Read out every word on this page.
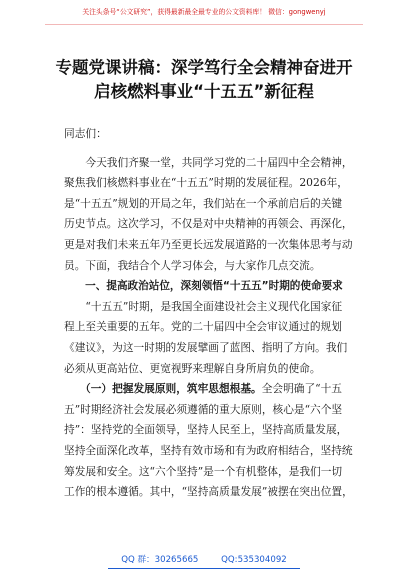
关注头条号“公文研究”，获得最新最全最专业的公文资料库！ 微信：gongwenyj
专题党课讲稿：深学笃行全会精神奋进开
启核燃料事业“十五五”新征程
同志们：
　　今天我们齐聚一堂，共同学习党的二十届四中全会精神，
聚焦我们核燃料事业在“十五五”时期的发展征程。2026年，
是“十五五”规划的开局之年，我们站在一个承前启后的关键
历史节点。这次学习，不仅是对中央精神的再领会、再深化，
更是对我们未来五年乃至更长远发展道路的一次集体思考与动
员。下面，我结合个人学习体会，与大家作几点交流。
　　一、提高政治站位，深刻领悟“十五五”时期的使命要求
　　“十五五”时期，是我国全面建设社会主义现代化国家征
程上至关重要的五年。党的二十届四中全会审议通过的规划
《建议》，为这一时期的发展擘画了蓝图、指明了方向。我们
必须从更高站位、更宽视野来理解自身所肩负的使命。
　　（一）把握发展原则，筑牢思想根基。全会明确了“十五
五”时期经济社会发展必须遵循的重大原则，核心是“六个坚
持”：坚持党的全面领导，坚持人民至上，坚持高质量发展，
坚持全面深化改革，坚持有效市场和有为政府相结合，坚持统
筹发展和安全。这“六个坚持”是一个有机整体，是我们一切
工作的根本遵循。其中，“坚持高质量发展”被摆在突出位置，
QQ 群：30265665	QQ:535304092
